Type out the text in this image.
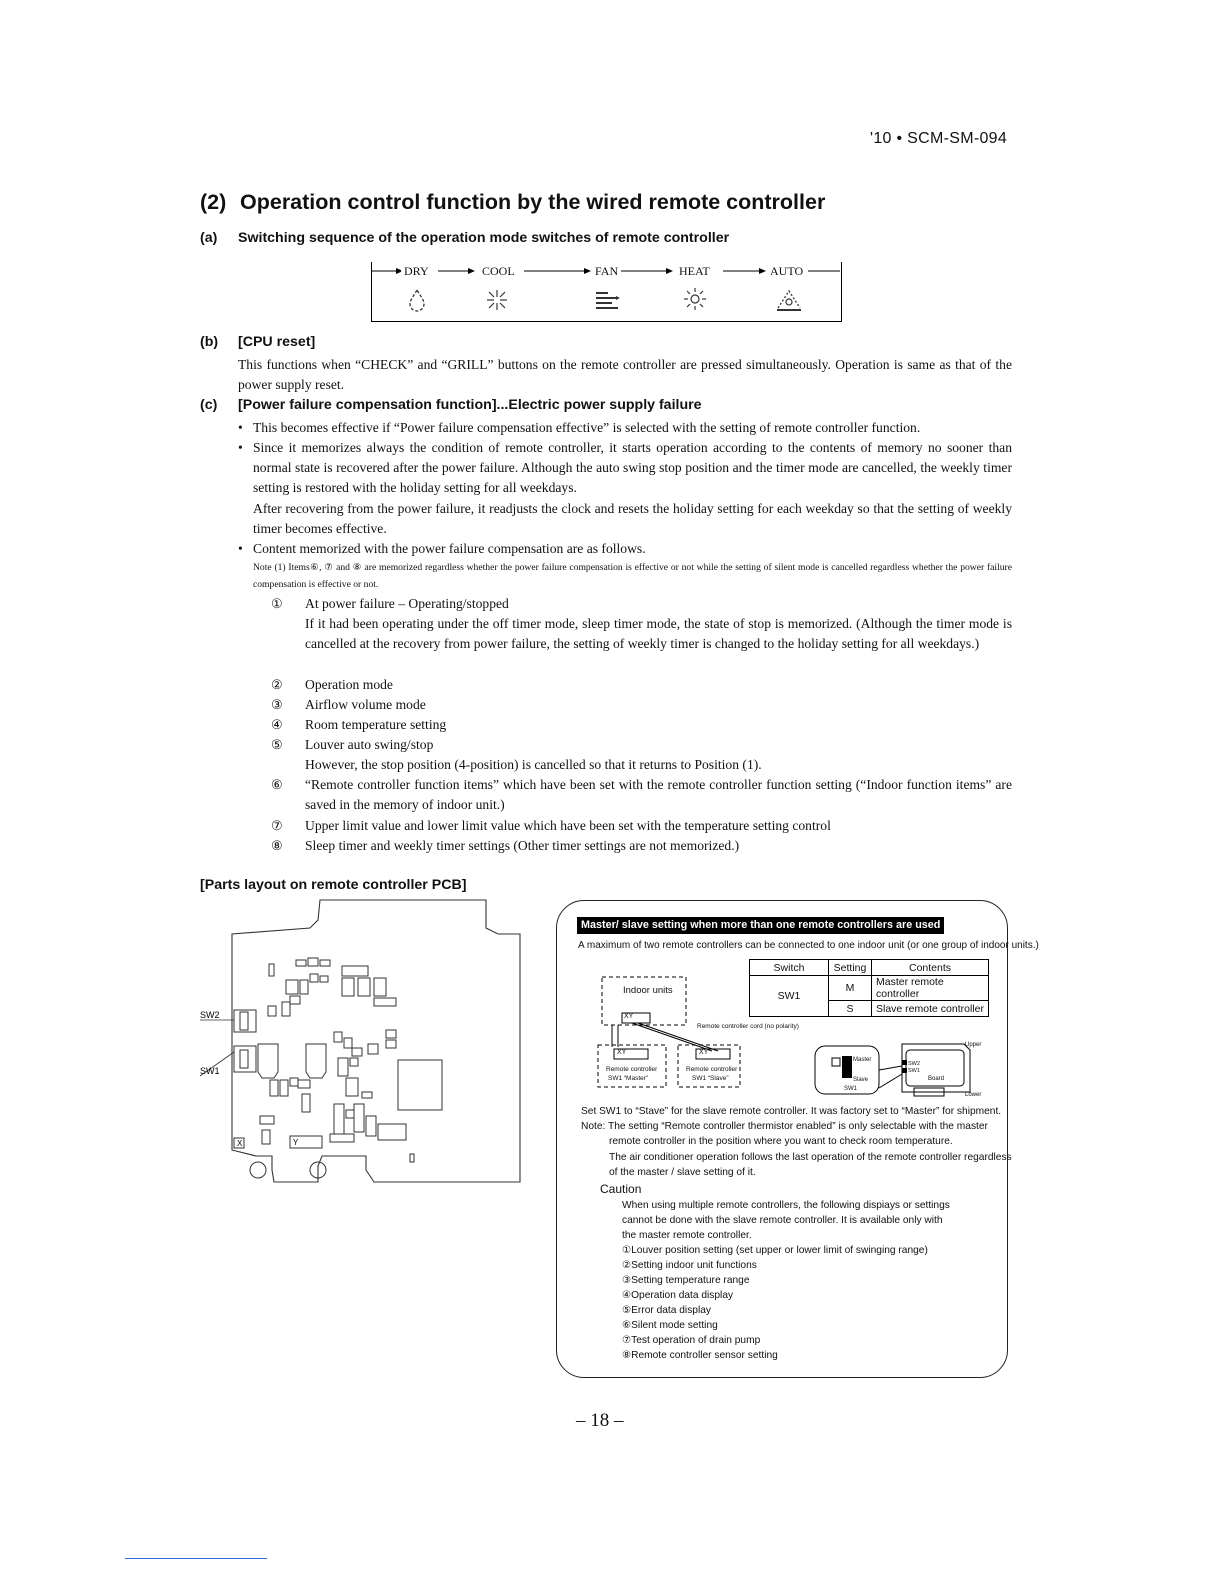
'10 • SCM-SM-094
(2) Operation control function by the wired remote controller
(a) Switching sequence of the operation mode switches of remote controller
DRY	COOL	FAN	HEAT	AUTO
(b) [CPU reset]
This functions when “CHECK” and “GRILL” buttons on the remote controller are pressed simultaneously. Operation is same as that of the power supply reset.
(c) [Power failure compensation function]...Electric power supply failure
• This becomes effective if “Power failure compensation effective” is selected with the setting of remote controller function.
• Since it memorizes always the condition of remote controller, it starts operation according to the contents of memory no sooner than normal state is recovered after the power failure. Although the auto swing stop position and the timer mode are cancelled, the weekly timer setting is restored with the holiday setting for all weekdays.
After recovering from the power failure, it readjusts the clock and resets the holiday setting for each weekday so that the setting of weekly timer becomes effective.
• Content memorized with the power failure compensation are as follows.
Note (1) Items⑥, ⑦ and ⑧ are memorized regardless whether the power failure compensation is effective or not while the setting of silent mode is cancelled regardless whether the power failure compensation is effective or not.
① At power failure – Operating/stopped
If it had been operating under the off timer mode, sleep timer mode, the state of stop is memorized. (Although the timer mode is cancelled at the recovery from power failure, the setting of weekly timer is changed to the holiday setting for all weekdays.)
② Operation mode
③ Airflow volume mode
④ Room temperature setting
⑤ Louver auto swing/stop
However, the stop position (4-position) is cancelled so that it returns to Position (1).
⑥ “Remote controller function items” which have been set with the remote controller function setting (“Indoor function items” are saved in the memory of indoor unit.)
⑦ Upper limit value and lower limit value which have been set with the temperature setting control
⑧ Sleep timer and weekly timer settings (Other timer settings are not memorized.)
[Parts layout on remote controller PCB]
SW2
SW1
X	Y
Master/ slave setting when more than one remote controllers are used
A maximum of two remote controllers can be connected to one indoor unit (or one group of indoor units.)
Switch	Setting	Contents
SW1	M	Master remote controller
	S	Slave remote controller
Indoor units
XY
Remote controller cord (no polarity)
XY	XY
Remote controller
SW1 “Master”
Remote controller
SW1 “Slave”
Master
Slave
SW1
Upper
Lower
Board
SW2
SW1
Set SW1 to “Stave” for the slave remote controller. It was factory set to “Master” for shipment.
Note: The setting “Remote controller thermistor enabled” is only selectable with the master
remote controller in the position where you want to check room temperature.
The air conditioner operation follows the last operation of the remote controller regardless
of the master / slave setting of it.
Caution
When using multiple remote controllers, the following dispiays or settings
cannot be done with the slave remote controller. It is available only with
the master remote controller.
①Louver position setting (set upper or lower limit of swinging range)
②Setting indoor unit functions
③Setting temperature range
④Operation data display
⑤Error data display
⑥Silent mode setting
⑦Test operation of drain pump
⑧Remote controller sensor setting
– 18 –
